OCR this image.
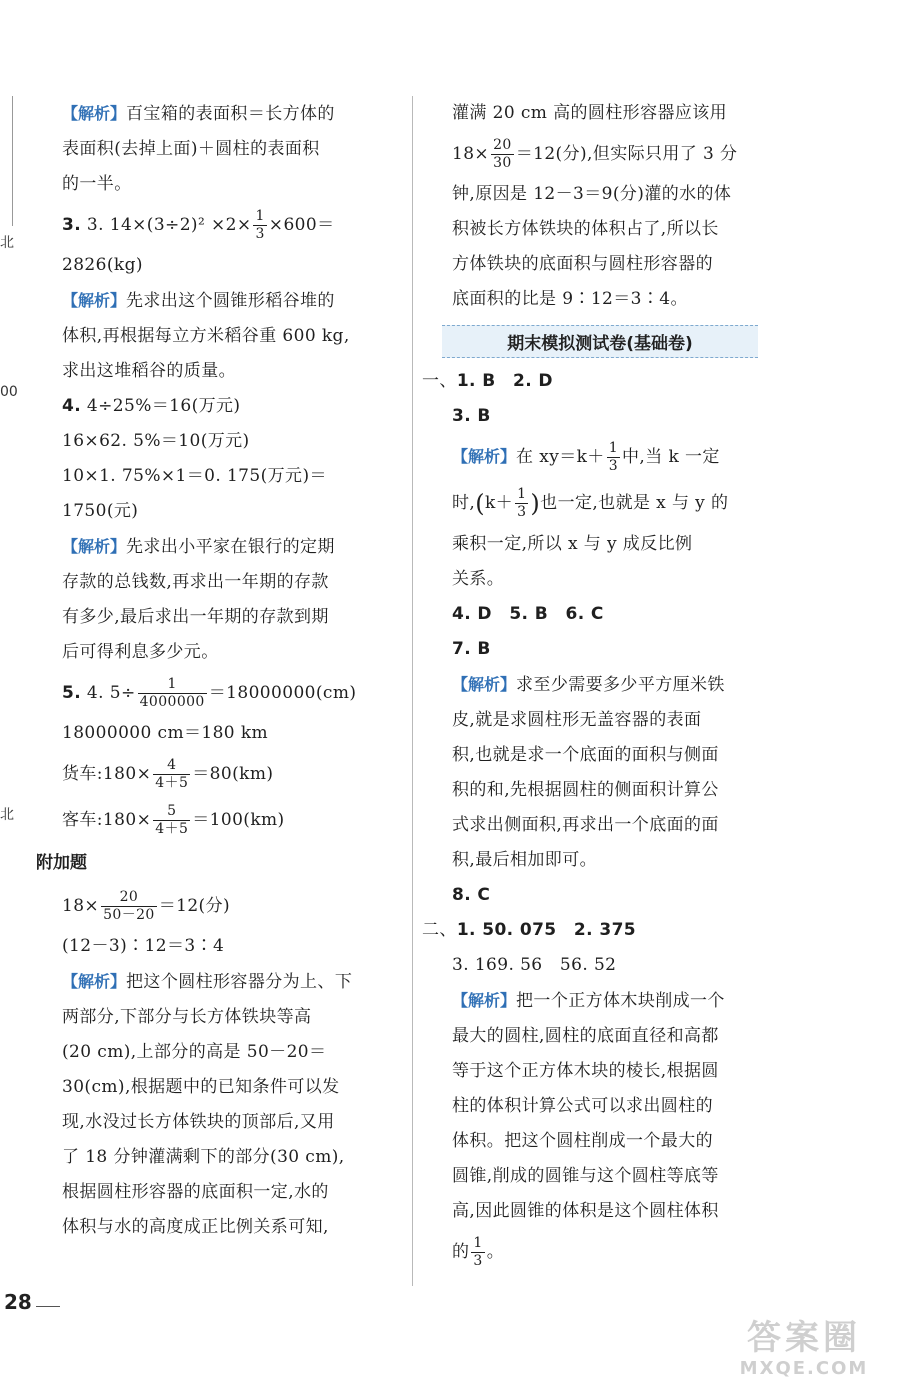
北
00
北
【解析】百宝箱的表面积＝长方体的
表面积(去掉上面)＋圆柱的表面积
的一半。
3. 3. $14\times(3\div 2)^2 \times 2\times \frac{1}{3} \times 600=$
2826(kg)
【解析】先求出这个圆锥形稻谷堆的
体积,再根据每立方米稻谷重 600 kg,
求出这堆稻谷的质量。
4. 4÷25%＝16(万元)
16×62. 5%＝10(万元)
10×1. 75%×1＝0. 175(万元)＝
1750(元)
【解析】先求出小平家在银行的定期
存款的总钱数,再求出一年期的存款
有多少,最后求出一年期的存款到期
后可得利息多少元。
5. 4. $5\div \frac{1}{4000000} =18000000(cm)$
18000000 cm＝180 km
货车:180× $\frac{4}{4+5} =80(km)$
客车:180× $\frac{5}{4+5} =100(km)$
附加题
$18\times \frac{20}{50-20} =12$(分)
(12－3)∶12＝3∶4
【解析】把这个圆柱形容器分为上、下
两部分,下部分与长方体铁块等高
(20 cm),上部分的高是 50－20＝
30(cm),根据题中的已知条件可以发
现,水没过长方体铁块的顶部后,又用
了 18 分钟灌满剩下的部分(30 cm),
根据圆柱形容器的底面积一定,水的
体积与水的高度成正比例关系可知,
灌满 20 cm 高的圆柱形容器应该用
$18\times \frac{20}{30} =12$(分),但实际只用了 3 分
钟,原因是 12－3＝9(分)灌的水的体
积被长方体铁块的体积占了,所以长
方体铁块的底面积与圆柱形容器的
底面积的比是 9∶12＝3∶4。
期末模拟测试卷(基础卷)
一、1. B　2. D
3. B
【解析】在 $xy=k+ \frac{1}{3}$ 中,当 k 一定
时$,(k+ \frac{1}{3}$ )也一定,也就是 x 与 y 的
乘积一定,所以 x 与 y 成反比例
关系。
4. D　5. B　6. C
7. B
【解析】求至少需要多少平方厘米铁
皮,就是求圆柱形无盖容器的表面
积,也就是求一个底面的面积与侧面
积的和,先根据圆柱的侧面积计算公
式求出侧面积,再求出一个底面的面
积,最后相加即可。
8. C
二、1. 50. 075　2. 375
3. 169. 56　56. 52
【解析】把一个正方体木块削成一个
最大的圆柱,圆柱的底面直径和高都
等于这个正方体木块的棱长,根据圆
柱的体积计算公式可以求出圆柱的
体积。把这个圆柱削成一个最大的
圆锥,削成的圆锥与这个圆柱等底等
高,因此圆锥的体积是这个圆柱体积
的 $\frac{1}{3}$ 。
28
答案圈
MXQE.COM
